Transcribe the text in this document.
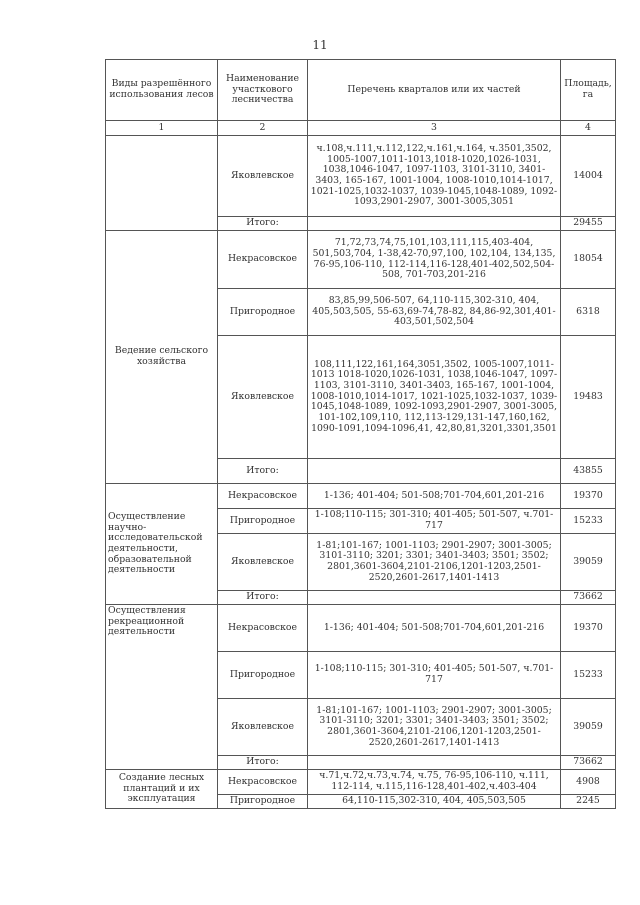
11
Виды разрешённого использования лесов	Наименование участкового лесничества	Перечень кварталов или их частей	Площадь, га
1	2	3	4
	Яковлевское	ч.108,ч.111,ч.112,122,ч.161,ч.164, ч.3501,3502, 1005-1007,1011-1013,1018-1020,1026-1031, 1038,1046-1047, 1097-1103, 3101-3110, 3401-3403, 165-167, 1001-1004, 1008-1010,1014-1017, 1021-1025,1032-1037, 1039-1045,1048-1089, 1092-1093,2901-2907, 3001-3005,3051	14004
	Итого:		29455
Ведение сельского хозяйства	Некрасовское	71,72,73,74,75,101,103,111,115,403-404, 501,503,704, 1-38,42-70,97,100, 102,104, 134,135, 76-95,106-110, 112-114,116-128,401-402,502,504-508, 701-703,201-216	18054
	Пригородное	83,85,99,506-507, 64,110-115,302-310, 404, 405,503,505, 55-63,69-74,78-82, 84,86-92,301,401-403,501,502,504	6318
	Яковлевское	108,111,122,161,164,3051,3502, 1005-1007,1011-1013 1018-1020,1026-1031, 1038,1046-1047, 1097-1103, 3101-3110, 3401-3403, 165-167, 1001-1004, 1008-1010,1014-1017, 1021-1025,1032-1037, 1039-1045,1048-1089, 1092-1093,2901-2907, 3001-3005, 101-102,109,110, 112,113-129,131-147,160,162, 1090-1091,1094-1096,41, 42,80,81,3201,3301,3501	19483
	Итого:		43855
Осуществление научно-исследовательской деятельности, образовательной деятельности	Некрасовское	1-136; 401-404; 501-508;701-704,601,201-216	19370
	Пригородное	1-108;110-115; 301-310; 401-405; 501-507, ч.701-717	15233
	Яковлевское	1-81;101-167; 1001-1103; 2901-2907; 3001-3005; 3101-3110; 3201; 3301; 3401-3403; 3501; 3502; 2801,3601-3604,2101-2106,1201-1203,2501-2520,2601-2617,1401-1413	39059
	Итого:		73662
Осуществления рекреационной деятельности	Некрасовское	1-136; 401-404; 501-508;701-704,601,201-216	19370
	Пригородное	1-108;110-115; 301-310; 401-405; 501-507, ч.701-717	15233
	Яковлевское	1-81;101-167; 1001-1103; 2901-2907; 3001-3005; 3101-3110; 3201; 3301; 3401-3403; 3501; 3502; 2801,3601-3604,2101-2106,1201-1203,2501-2520,2601-2617,1401-1413	39059
	Итого:		73662
Создание лесных плантаций и их эксплуатация	Некрасовское	ч.71,ч.72,ч.73,ч.74, ч.75, 76-95,106-110, ч.111, 112-114, ч.115,116-128,401-402,ч.403-404	4908
	Пригородное	64,110-115,302-310, 404, 405,503,505	2245
